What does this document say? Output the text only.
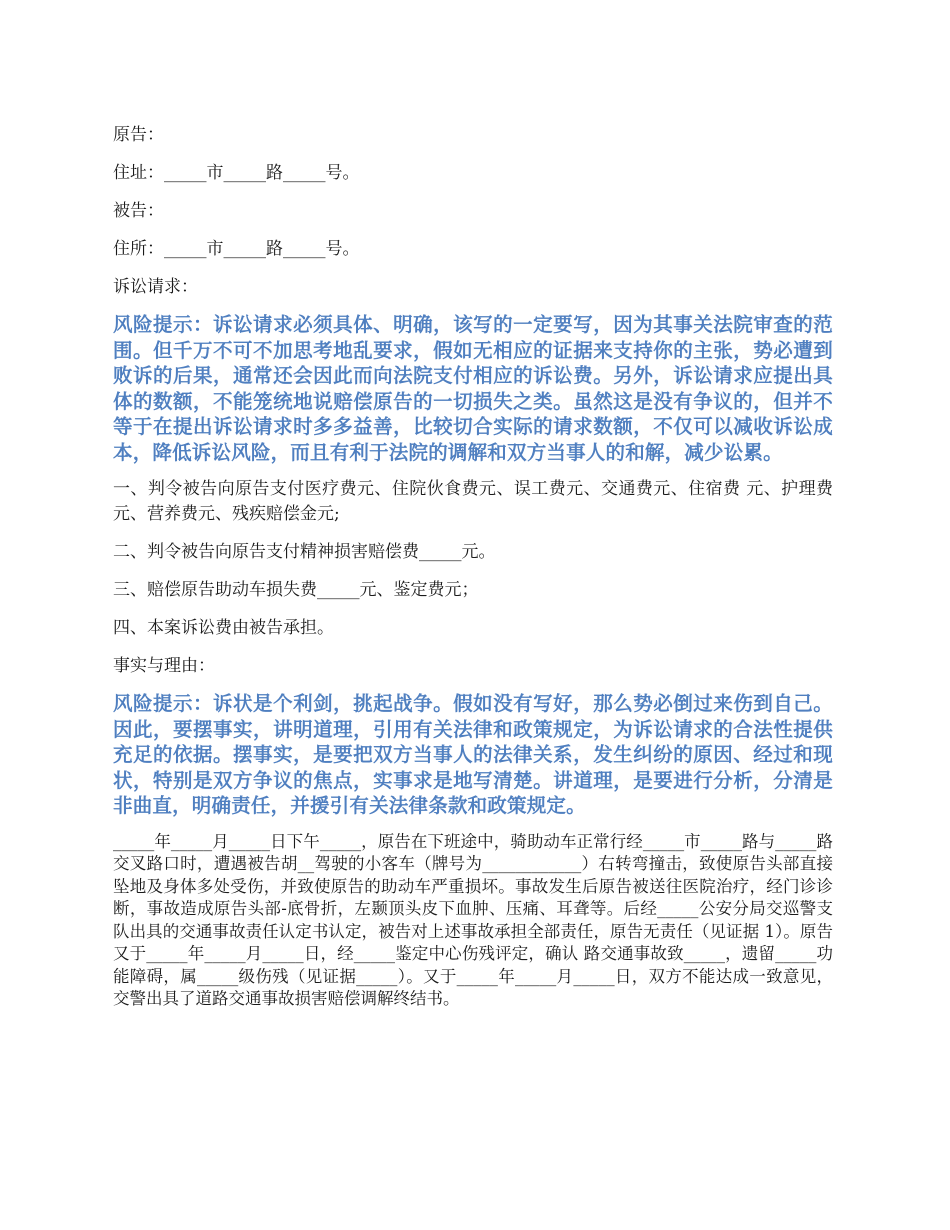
原告：
住址：_____市_____路_____号。
被告：
住所：_____市_____路_____号。
诉讼请求：
风险提示：诉讼请求必须具体、明确，该写的一定要写，因为其事关法院审查的范围。但千万不可不加思考地乱要求，假如无相应的证据来支持你的主张，势必遭到败诉的后果，通常还会因此而向法院支付相应的诉讼费。另外，诉讼请求应提出具体的数额，不能笼统地说赔偿原告的一切损失之类。虽然这是没有争议的，但并不等于在提出诉讼请求时多多益善，比较切合实际的请求数额，不仅可以减收诉讼成本，降低诉讼风险，而且有利于法院的调解和双方当事人的和解，减少讼累。
一、判令被告向原告支付医疗费元、住院伙食费元、误工费元、交通费元、住宿费 元、护理费元、营养费元、残疾赔偿金元;
二、判令被告向原告支付精神损害赔偿费_____元。
三、赔偿原告助动车损失费_____元、鉴定费元；
四、本案诉讼费由被告承担。
事实与理由：
风险提示：诉状是个利剑，挑起战争。假如没有写好，那么势必倒过来伤到自己。因此，要摆事实，讲明道理，引用有关法律和政策规定，为诉讼请求的合法性提供充足的依据。摆事实，是要把双方当事人的法律关系，发生纠纷的原因、经过和现状，特别是双方争议的焦点，实事求是地写清楚。讲道理，是要进行分析，分清是非曲直，明确责任，并援引有关法律条款和政策规定。
_____年_____月_____日下午_____，原告在下班途中，骑助动车正常行经_____市_____路与_____路交叉路口时，遭遇被告胡__驾驶的小客车（牌号为____________）右转弯撞击，致使原告头部直接坠地及身体多处受伤，并致使原告的助动车严重损坏。事故发生后原告被送往医院治疗，经门诊诊断，事故造成原告头部-底骨折，左颞顶头皮下血肿、压痛、耳聋等。后经_____公安分局交巡警支队出具的交通事故责任认定书认定，被告对上述事故承担全部责任，原告无责任（见证据 1）。原告又于_____年_____月_____日，经_____鉴定中心伤残评定，确认 路交通事故致_____，遗留_____功能障碍，属_____级伤残（见证据_____）。又于_____年_____月_____日，双方不能达成一致意见，交警出具了道路交通事故损害赔偿调解终结书。
